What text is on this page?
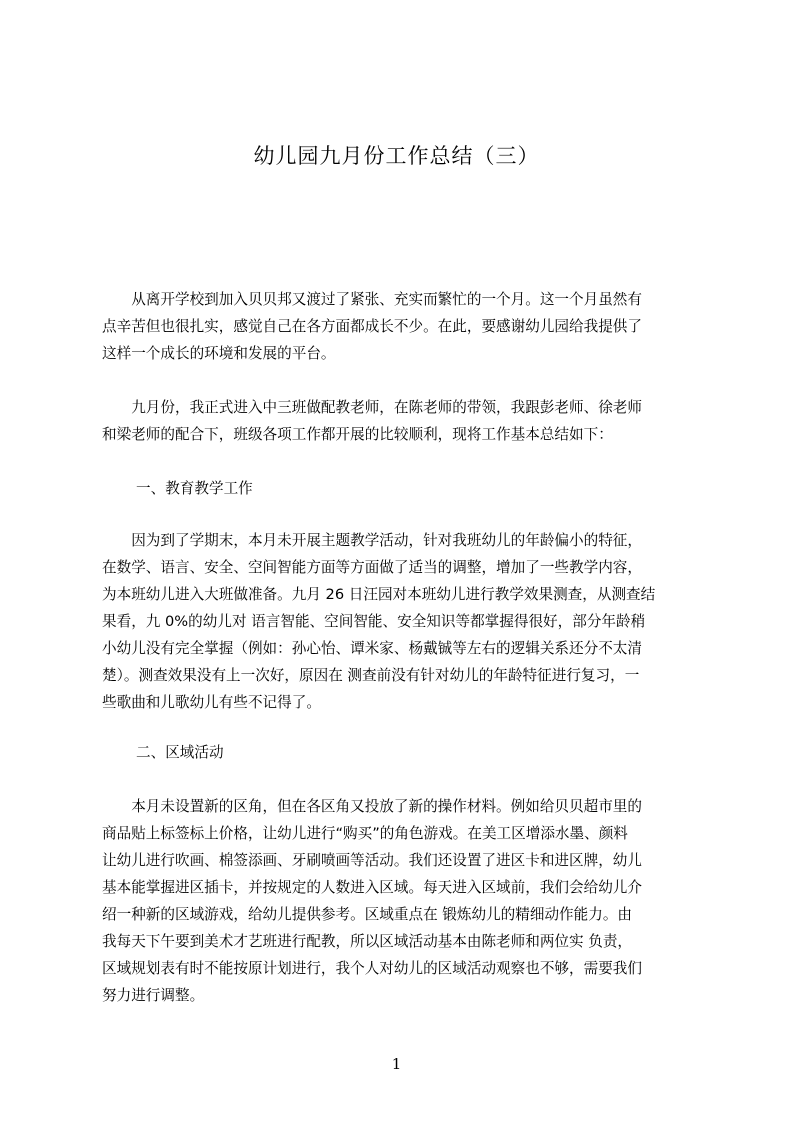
幼儿园九月份工作总结（三）
　　从离开学校到加入贝贝邦又渡过了紧张、充实而繁忙的一个月。这一个月虽然有
点辛苦但也很扎实，感觉自己在各方面都成长不少。在此，要感谢幼儿园给我提供了
这样一个成长的环境和发展的平台。
　　九月份，我正式进入中三班做配教老师，在陈老师的带领，我跟彭老师、徐老师
和梁老师的配合下，班级各项工作都开展的比较顺利，现将工作基本总结如下：
一、教育教学工作
　　因为到了学期末，本月未开展主题教学活动，针对我班幼儿的年龄偏小的特征，
在数学、语言、安全、空间智能方面等方面做了适当的调整，增加了一些教学内容，
为本班幼儿进入大班做准备。九月 26 日汪园对本班幼儿进行教学效果测查，从测查结
果看，九 0%的幼儿对 语言智能、空间智能、安全知识等都掌握得很好，部分年龄稍
小幼儿没有完全掌握（例如：孙心怡、谭米家、杨戴铖等左右的逻辑关系还分不太清
楚）。测查效果没有上一次好，原因在 测查前没有针对幼儿的年龄特征进行复习，一
些歌曲和儿歌幼儿有些不记得了。
二、区域活动
　　本月未设置新的区角，但在各区角又投放了新的操作材料。例如给贝贝超市里的
商品贴上标签标上价格，让幼儿进行“购买”的角色游戏。在美工区增添水墨、颜料
让幼儿进行吹画、棉签添画、牙刷喷画等活动。我们还设置了进区卡和进区牌，幼儿
基本能掌握进区插卡，并按规定的人数进入区域。每天进入区域前，我们会给幼儿介
绍一种新的区域游戏，给幼儿提供参考。区域重点在 锻炼幼儿的精细动作能力。由
我每天下午要到美术才艺班进行配教，所以区域活动基本由陈老师和两位实 负责，
区域规划表有时不能按原计划进行，我个人对幼儿的区域活动观察也不够，需要我们
努力进行调整。
1
